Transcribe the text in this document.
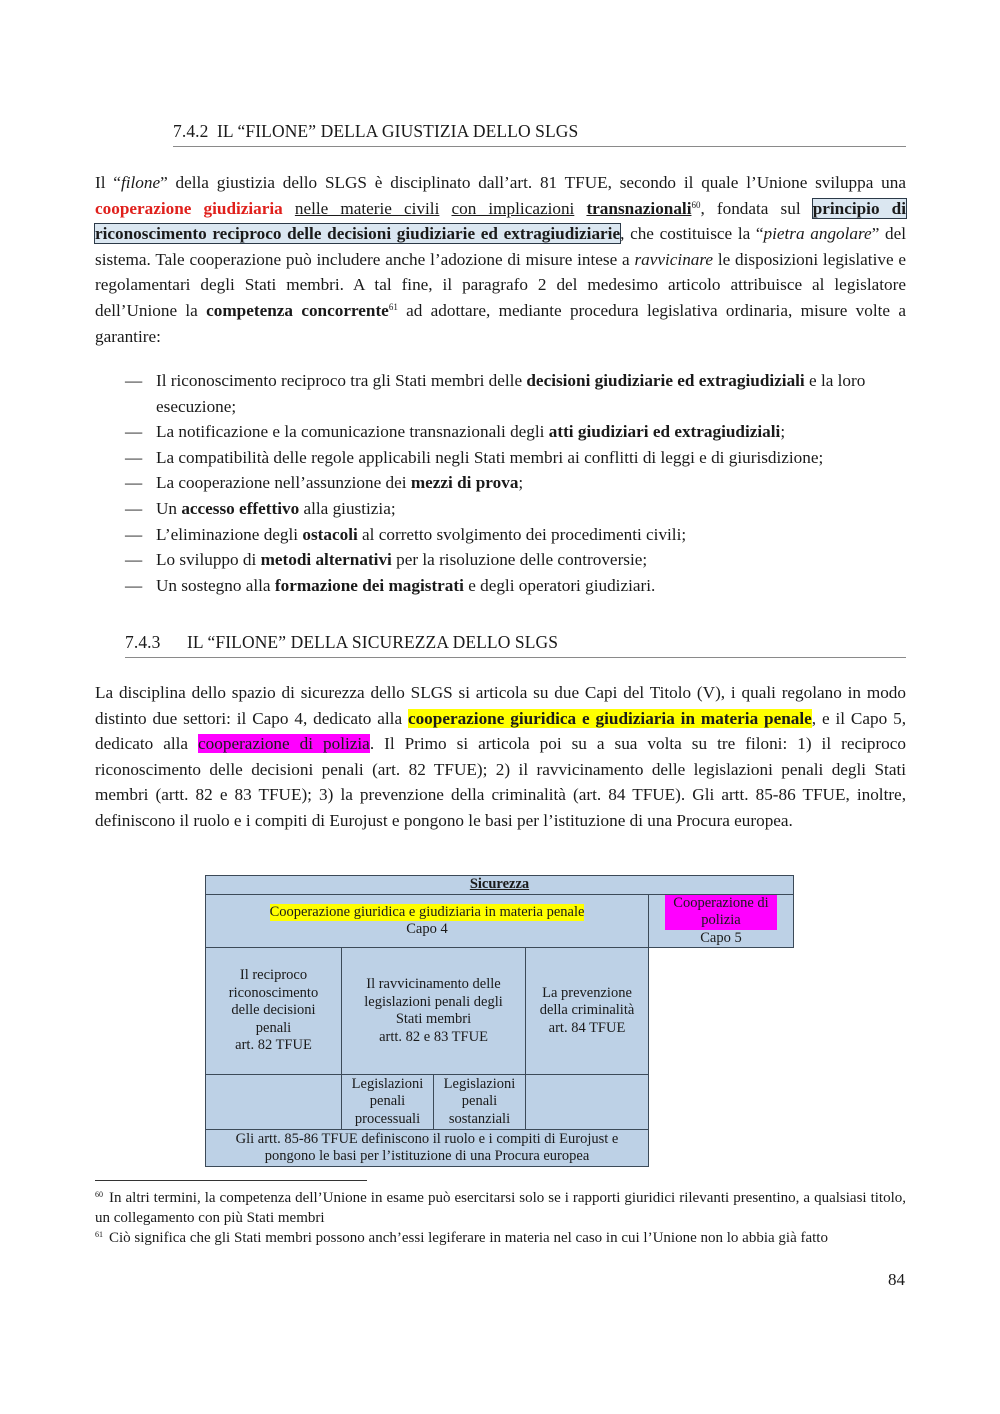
7.4.2 IL “FILONE” DELLA GIUSTIZIA DELLO SLGS
Il “filone” della giustizia dello SLGS è disciplinato dall’art. 81 TFUE, secondo il quale l’Unione sviluppa una cooperazione giudiziaria nelle materie civili con implicazioni transnazionali$^{60}$, fondata sul principio di riconoscimento reciproco delle decisioni giudiziarie ed extragiudiziarie, che costituisce la “pietra angolare” del sistema. Tale cooperazione può includere anche l’adozione di misure intese a ravvicinare le disposizioni legislative e regolamentari degli Stati membri. A tal fine, il paragrafo 2 del medesimo articolo attribuisce al legislatore dell’Unione la competenza concorrente$^{61}$ ad adottare, mediante procedura legislativa ordinaria, misure volte a garantire:
— Il riconoscimento reciproco tra gli Stati membri delle decisioni giudiziarie ed extragiudiziali e la loro esecuzione;
— La notificazione e la comunicazione transnazionali degli atti giudiziari ed extragiudiziali;
— La compatibilità delle regole applicabili negli Stati membri ai conflitti di leggi e di giurisdizione;
— La cooperazione nell’assunzione dei mezzi di prova;
— Un accesso effettivo alla giustizia;
— L’eliminazione degli ostacoli al corretto svolgimento dei procedimenti civili;
— Lo sviluppo di metodi alternativi per la risoluzione delle controversie;
— Un sostegno alla formazione dei magistrati e degli operatori giudiziari.
7.4.3 IL “FILONE” DELLA SICUREZZA DELLO SLGS
La disciplina dello spazio di sicurezza dello SLGS si articola su due Capi del Titolo (V), i quali regolano in modo distinto due settori: il Capo 4, dedicato alla cooperazione giuridica e giudiziaria in materia penale, e il Capo 5, dedicato alla cooperazione di polizia. Il Primo si articola poi su a sua volta su tre filoni: 1) il reciproco riconoscimento delle decisioni penali (art. 82 TFUE); 2) il ravvicinamento delle legislazioni penali degli Stati membri (artt. 82 e 83 TFUE); 3) la prevenzione della criminalità (art. 84 TFUE). Gli artt. 85-86 TFUE, inoltre, definiscono il ruolo e i compiti di Eurojust e pongono le basi per l’istituzione di una Procura europea.
Sicurezza
Cooperazione giuridica e giudiziaria in materia penale
Capo 4
Cooperazione di polizia
Capo 5
Il reciproco
riconoscimento
delle decisioni
penali
art. 82 TFUE
Il ravvicinamento delle
legislazioni penali degli
Stati membri
artt. 82 e 83 TFUE
La prevenzione
della criminalità
art. 84 TFUE
Legislazioni
penali
processuali
Legislazioni
penali
sostanziali
Gli artt. 85-86 TFUE definiscono il ruolo e i compiti di Eurojust e
pongono le basi per l’istituzione di una Procura europea
$^{60}$ In altri termini, la competenza dell’Unione in esame può esercitarsi solo se i rapporti giuridici rilevanti presentino, a qualsiasi titolo, un collegamento con più Stati membri
$^{61}$ Ciò significa che gli Stati membri possono anch’essi legiferare in materia nel caso in cui l’Unione non lo abbia già fatto
84
